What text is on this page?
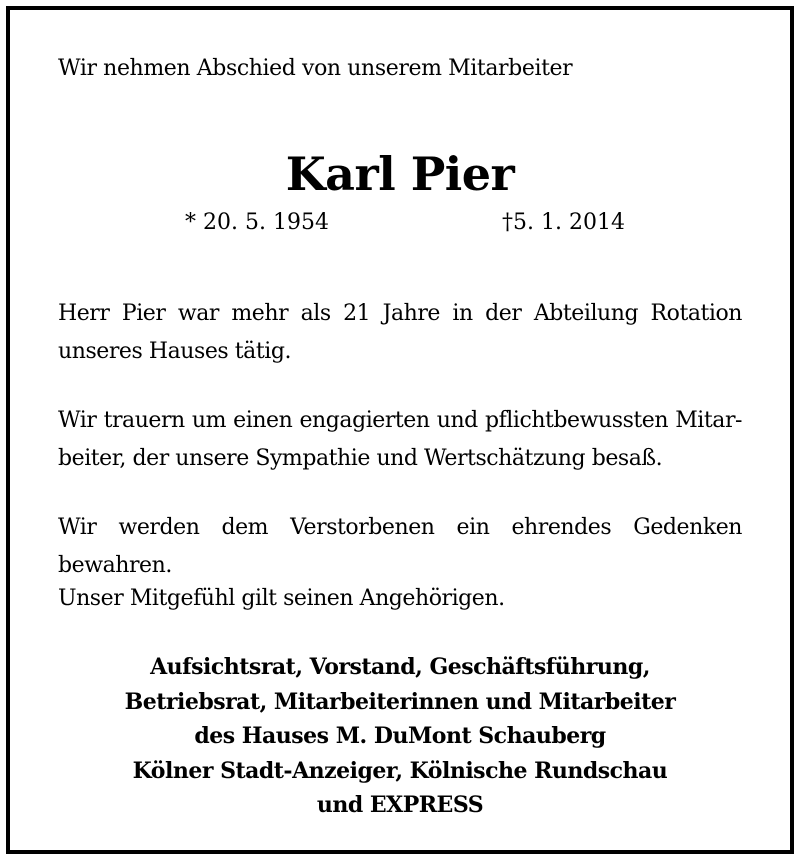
Wir nehmen Abschied von unserem Mitarbeiter
Karl Pier
* 20. 5. 1954	†5. 1. 2014
Herr Pier war mehr als 21 Jahre in der Abteilung Rotation unseres Hauses tätig.
Wir trauern um einen engagierten und pflichtbewussten Mitar-beiter, der unsere Sympathie und Wertschätzung besaß.
Wir werden dem Verstorbenen ein ehrendes Gedenken bewahren.
Unser Mitgefühl gilt seinen Angehörigen.
Aufsichtsrat, Vorstand, Geschäftsführung,
Betriebsrat, Mitarbeiterinnen und Mitarbeiter
des Hauses M. DuMont Schauberg
Kölner Stadt-Anzeiger, Kölnische Rundschau
und EXPRESS
